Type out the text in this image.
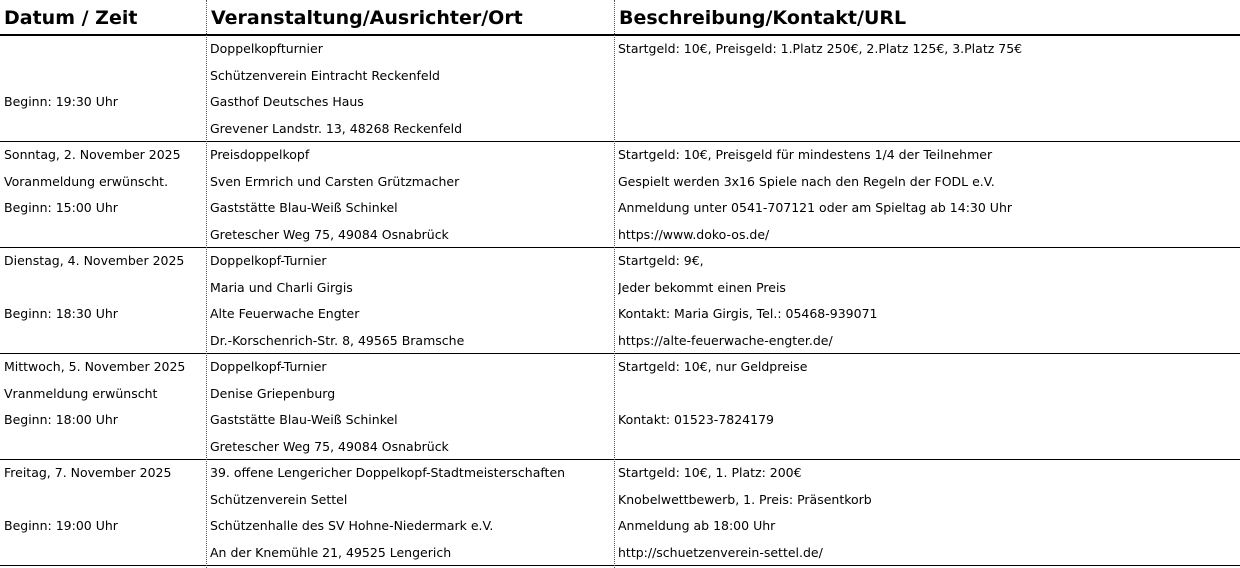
Datum / Zeit	Veranstaltung/Ausrichter/Ort	Beschreibung/Kontakt/URL
Beginn: 19:30 Uhr
Doppelkopfturnier
Schützenverein Eintracht Reckenfeld
Gasthof Deutsches Haus
Grevener Landstr. 13, 48268 Reckenfeld
Startgeld: 10€, Preisgeld: 1.Platz 250€, 2.Platz 125€, 3.Platz 75€
Sonntag, 2. November 2025
Voranmeldung erwünscht.
Beginn: 15:00 Uhr
Preisdoppelkopf
Sven Ermrich und Carsten Grützmacher
Gaststätte Blau-Weiß Schinkel
Gretescher Weg 75, 49084 Osnabrück
Startgeld: 10€, Preisgeld für mindestens 1/4 der Teilnehmer
Gespielt werden 3x16 Spiele nach den Regeln der FODL e.V.
Anmeldung unter 0541-707121 oder am Spieltag ab 14:30 Uhr
https://www.doko-os.de/
Dienstag, 4. November 2025
Beginn: 18:30 Uhr
Doppelkopf-Turnier
Maria und Charli Girgis
Alte Feuerwache Engter
Dr.-Korschenrich-Str. 8, 49565 Bramsche
Startgeld: 9€,
Jeder bekommt einen Preis
Kontakt: Maria Girgis, Tel.: 05468-939071
https://alte-feuerwache-engter.de/
Mittwoch, 5. November 2025
Vranmeldung erwünscht
Beginn: 18:00 Uhr
Doppelkopf-Turnier
Denise Griepenburg
Gaststätte Blau-Weiß Schinkel
Gretescher Weg 75, 49084 Osnabrück
Startgeld: 10€, nur Geldpreise
Kontakt: 01523-7824179
Freitag, 7. November 2025
Beginn: 19:00 Uhr
39. offene Lengericher Doppelkopf-Stadtmeisterschaften
Schützenverein Settel
Schützenhalle des SV Hohne-Niedermark e.V.
An der Knemühle 21, 49525 Lengerich
Startgeld: 10€, 1. Platz: 200€
Knobelwettbewerb, 1. Preis: Präsentkorb
Anmeldung ab 18:00 Uhr
http://schuetzenverein-settel.de/
